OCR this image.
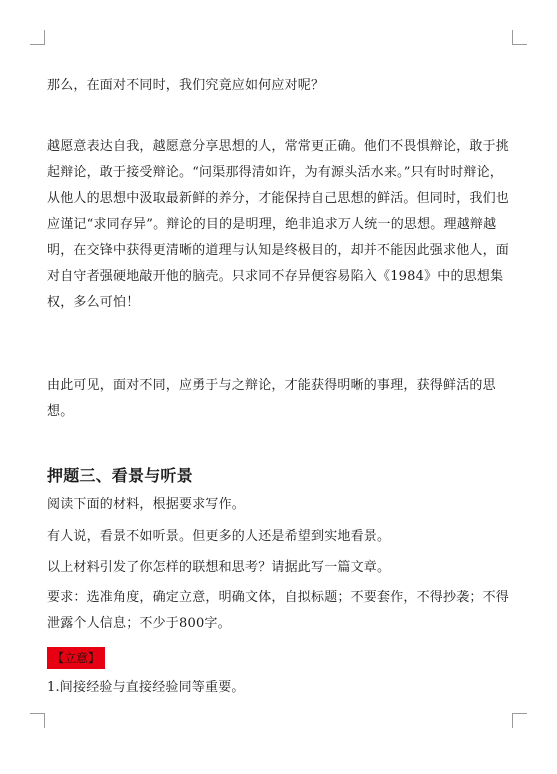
那么，在面对不同时，我们究竟应如何应对呢？

越愿意表达自我，越愿意分享思想的人，常常更正确。他们不畏惧辩论，敢于挑起辩论，敢于接受辩论。“问渠那得清如许，为有源头活水来。”只有时时辩论，从他人的思想中汲取最新鲜的养分，才能保持自己思想的鲜活。但同时，我们也应谨记“求同存异”。辩论的目的是明理，绝非追求万人统一的思想。理越辩越明，在交锋中获得更清晰的道理与认知是终极目的，却并不能因此强求他人，面对自守者强硬地敲开他的脑壳。只求同不存异便容易陷入《1984》中的思想集权，多么可怕！

由此可见，面对不同，应勇于与之辩论，才能获得明晰的事理，获得鲜活的思想。

押题三、看景与听景

阅读下面的材料，根据要求写作。

有人说，看景不如听景。但更多的人还是希望到实地看景。

以上材料引发了你怎样的联想和思考？请据此写一篇文章。

要求：选准角度，确定立意，明确文体，自拟标题；不要套作，不得抄袭；不得泄露个人信息；不少于800字。

【立意】

1.间接经验与直接经验同等重要。
